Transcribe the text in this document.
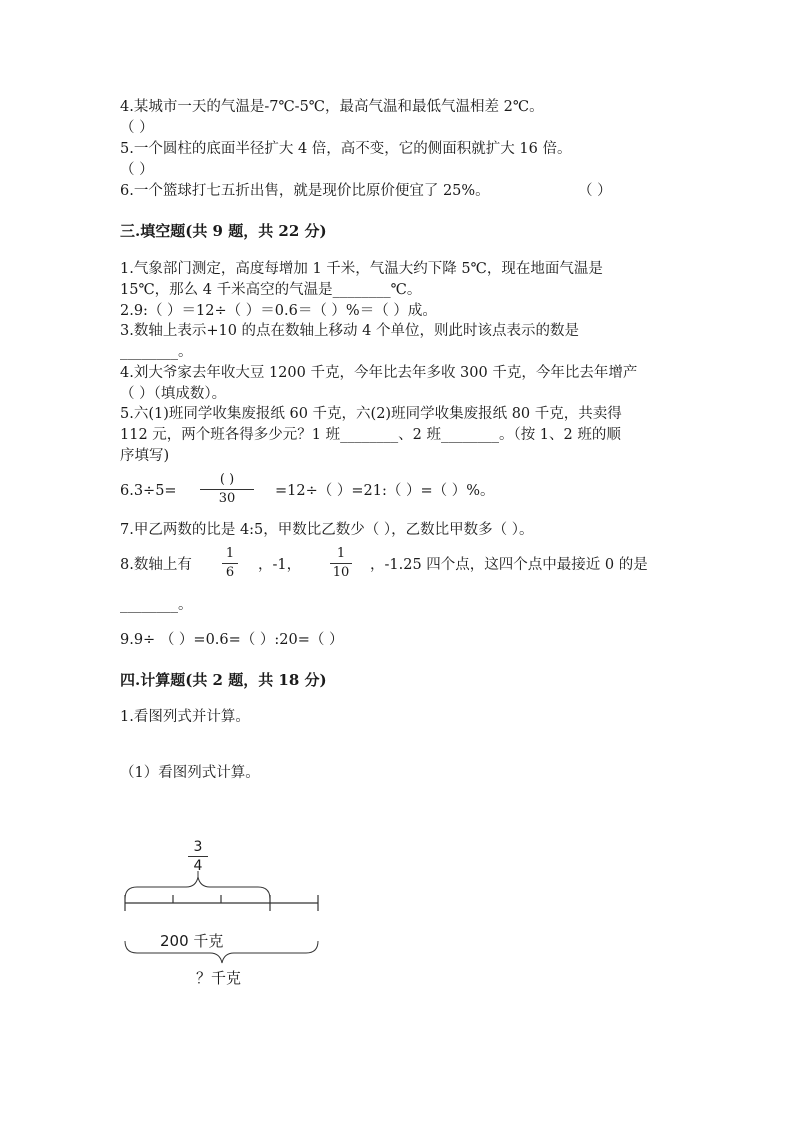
4.某城市一天的气温是-7℃-5℃，最高气温和最低气温相差 2℃。
（ ）
5.一个圆柱的底面半径扩大 4 倍，高不变，它的侧面积就扩大 16 倍。
（ ）
6.一个篮球打七五折出售，就是现价比原价便宜了 25%。	（ ）
三.填空题(共 9 题，共 22 分)
1.气象部门测定，高度每增加 1 千米，气温大约下降 5℃，现在地面气温是
15℃，那么 4 千米高空的气温是________℃。
2.9:（ ）＝12÷（ ）＝0.6＝（ ）%＝（ ）成。
3.数轴上表示+10 的点在数轴上移动 4 个单位，则此时该点表示的数是
________。
4.刘大爷家去年收大豆 1200 千克，今年比去年多收 300 千克，今年比去年增产
（ ）（填成数）。
5.六(1)班同学收集废报纸 60 千克，六(2)班同学收集废报纸 80 千克，共卖得
112 元，两个班各得多少元？1 班________、2 班________。（按 1、2 班的顺
序填写)
6.3÷5=
( )
30	=12÷（ ）=21:（ ）=（ ）%。
7.甲乙两数的比是 4:5，甲数比乙数少（ ），乙数比甲数多（ ）。
8.数轴上有
1
6 ，-1，
1
10 ，-1.25 四个点，这四个点中最接近 0 的是
________。
9.9÷ （ ）=0.6=（ ）:20=（ ）
四.计算题(共 2 题，共 18 分)
1.看图列式并计算。
（1）看图列式计算。
3
4
200 千克
？千克
